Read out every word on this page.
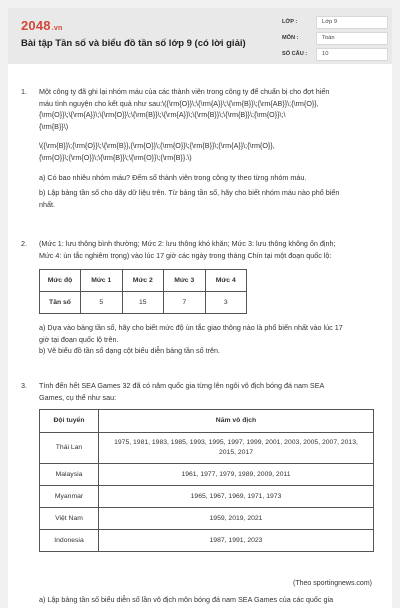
2048.vn
Bài tập Tần số và biểu đồ tần số lớp 9 (có lời giải)
LỚP :	Lớp 9
MÔN :	Toán
SỐ CÂU :	10
1. Một công ty đã ghi lại nhóm máu của các thành viên trong công ty để chuẩn bị cho đợt hiến

máu tình nguyện cho kết quả như sau:\({\rm{O}}\;\{\rm{A}}\;\{\rm{B}}\;{\rm{AB}}\;{\rm{O}},

{\rm{O}}\;\{\rm{A}}\;\{\rm{O}}\;\{\rm{B}}\;\{\rm{A}}\;\{\rm{B}}\;\{\rm{B}}\;{\rm{O}}\;\

{\rm{B}}\)

\({\rm{B}}\;{\rm{O}}\;\{\rm{B}},{\rm{O}}\;{\rm{O}}\;{\rm{B}}\;{\rm{A}}\;{\rm{O}},

{\rm{O}}\;{\rm{O}}\;\{\rm{B}}\;\{\rm{O}}\;{\rm{B}}.\)

a) Có bao nhiêu nhóm máu? Đếm số thành viên trong công ty theo từng nhóm máu.

b) Lập bảng tần số cho dãy dữ liệu trên. Từ bảng tần số, hãy cho biết nhóm máu nào phổ biến

nhất.

2. (Mức 1: lưu thông bình thường; Mức 2: lưu thông khó khăn; Mức 3: lưu thông không ổn định;

Mức 4: ùn tắc nghiêm trọng) vào lúc 17 giờ các ngày trong tháng Chín tại một đoạn quốc lộ:

Mức độ	Mức 1	Mức 2	Mức 3	Mức 4
Tần số	5	15	7	3

a) Dựa vào bảng tần số, hãy cho biết mức độ ùn tắc giao thông nào là phổ biến nhất vào lúc 17

giờ tại đoạn quốc lộ trên.

b) Vẽ biểu đồ tần số dạng cột biểu diễn bảng tần số trên.

3. Tính đến hết SEA Games 32 đã có năm quốc gia từng lên ngôi vô địch bóng đá nam SEA

Games, cụ thể như sau:

Đội tuyển	Năm vô địch
Thái Lan	1975, 1981, 1983, 1985, 1993, 1995, 1997, 1999, 2001, 2003, 2005, 2007, 2013,
2015, 2017

Malaysia	1961, 1977, 1979, 1989, 2009, 2011
Myanmar	1965, 1967, 1969, 1971, 1973
Việt Nam	1959, 2019, 2021
Indonesia	1987, 1991, 2023
(Theo sportingnews.com)

a) Lập bảng tần số biểu diễn số lần vô địch môn bóng đá nam SEA Games của các quốc gia
